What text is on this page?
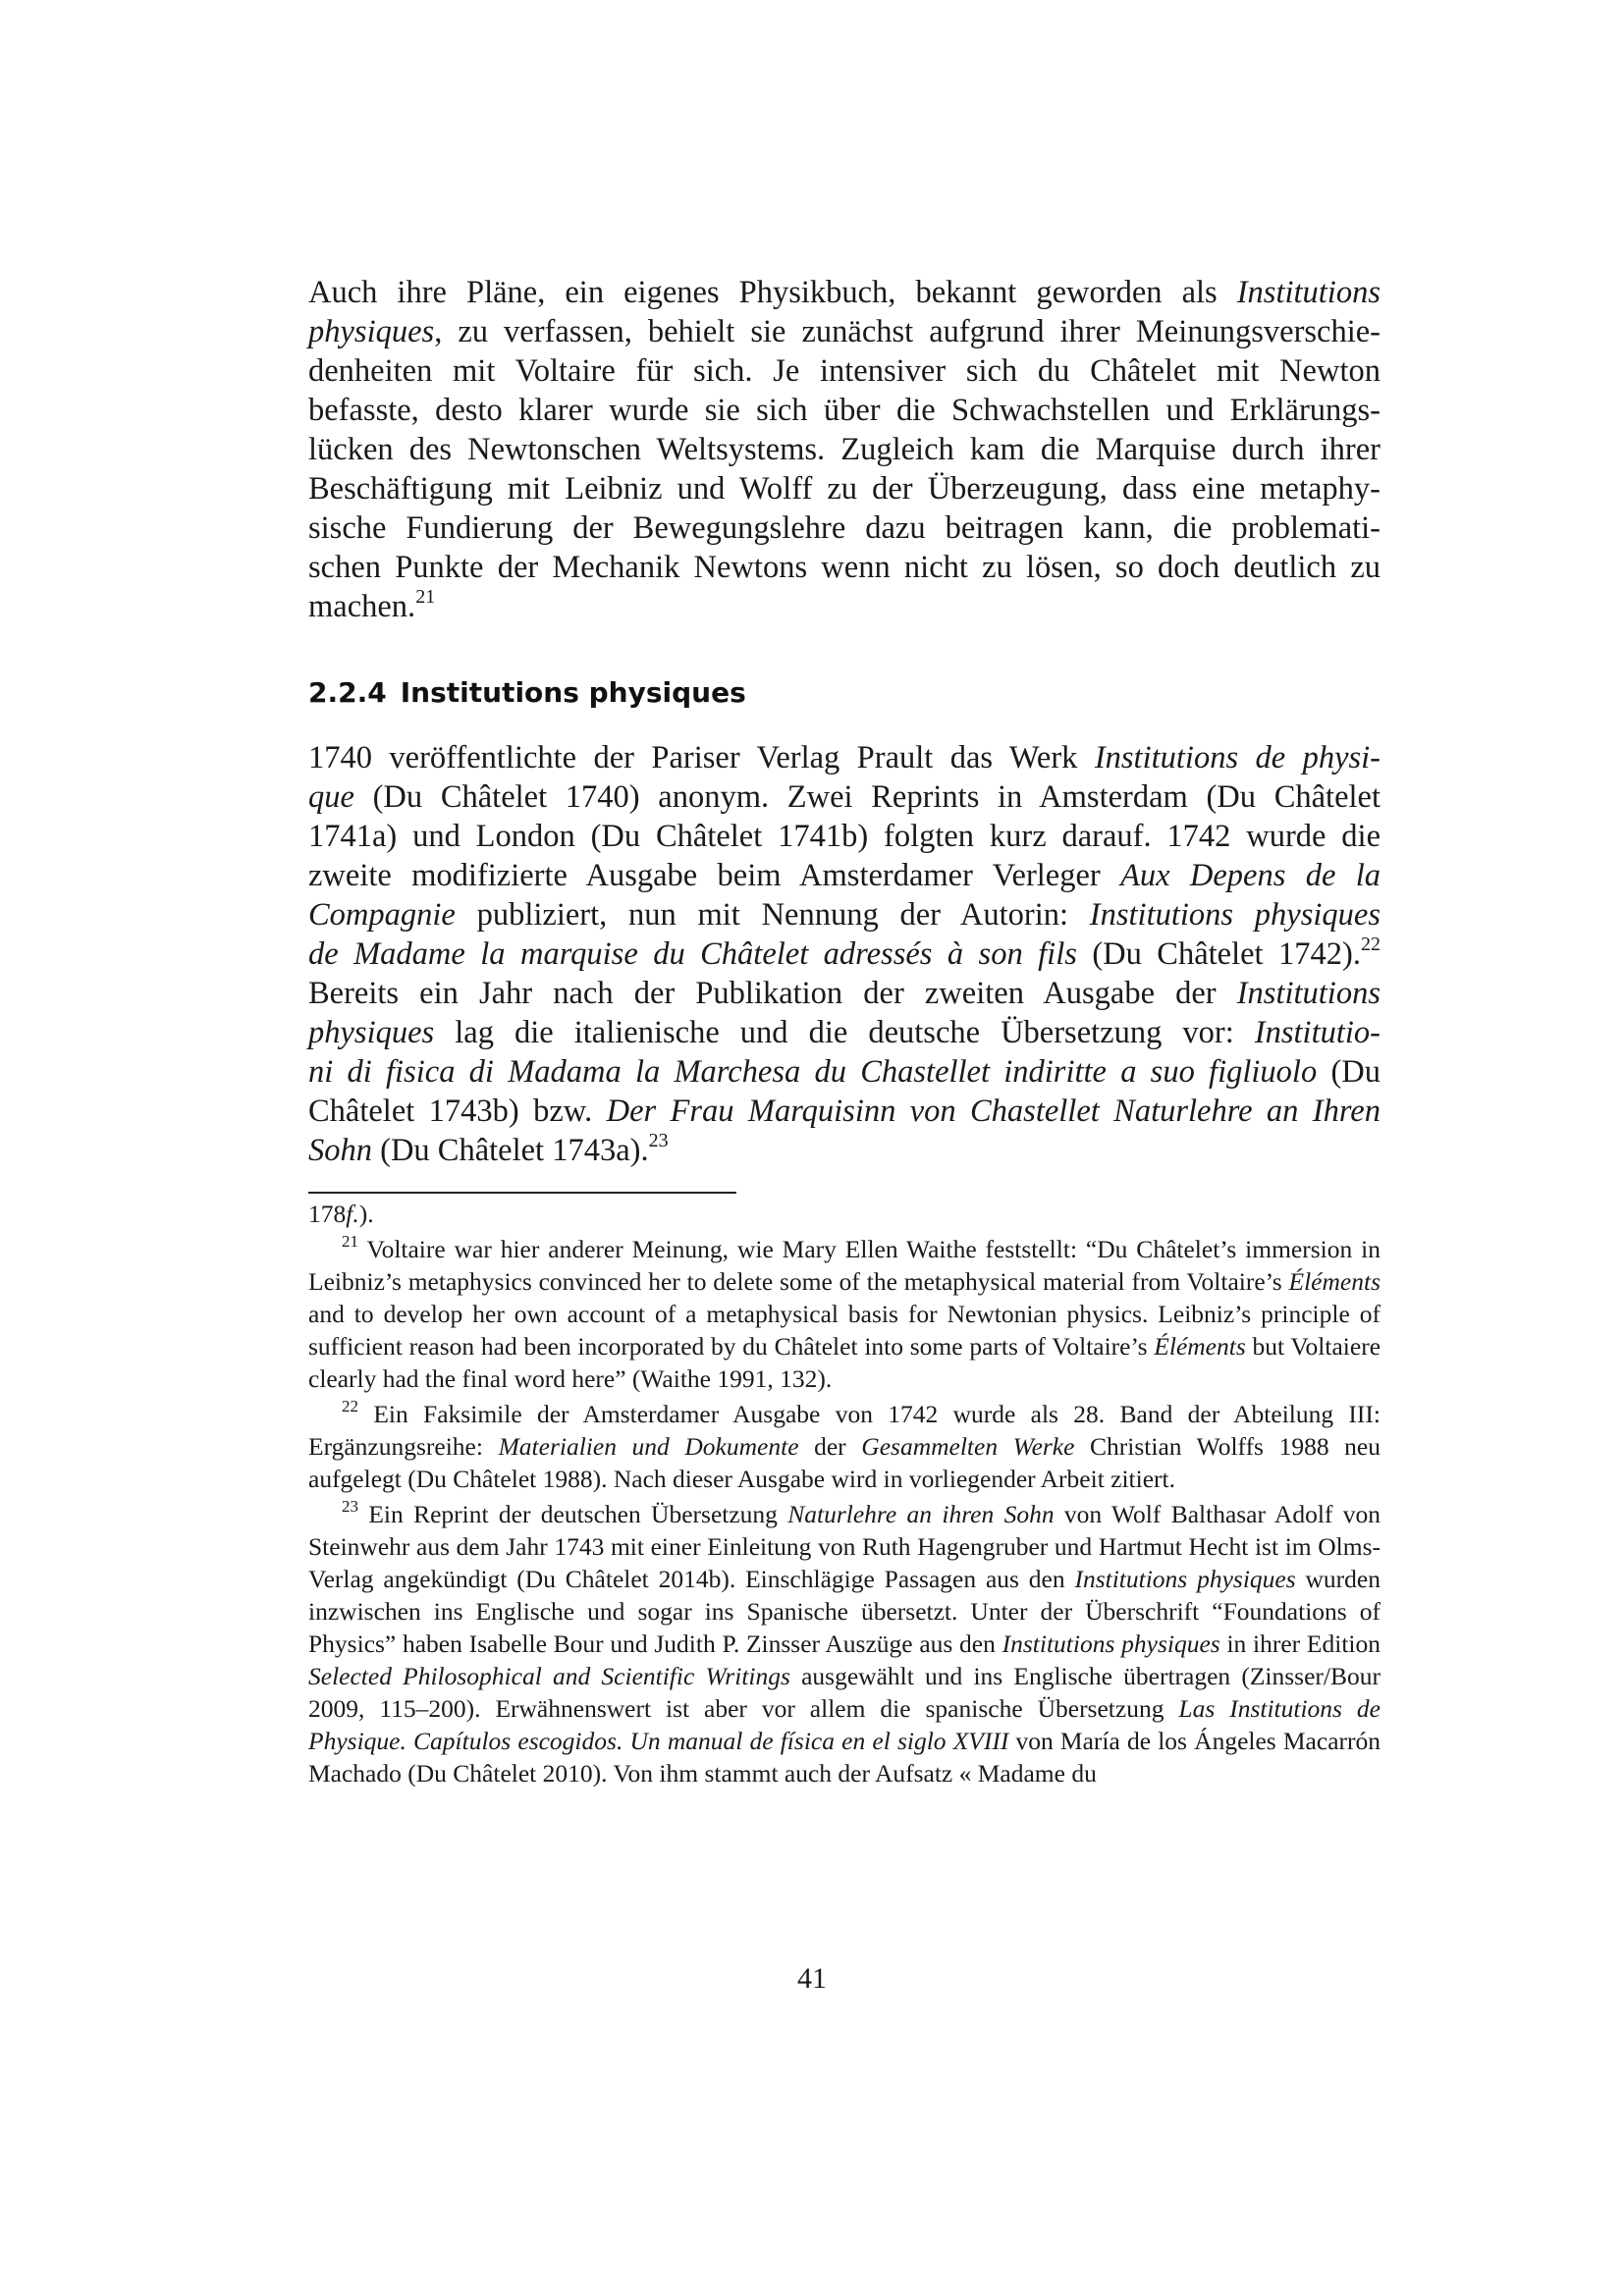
Auch ihre Pläne, ein eigenes Physikbuch, bekannt geworden als Institutions
physiques, zu verfassen, behielt sie zunächst aufgrund ihrer Meinungsverschie-
denheiten mit Voltaire für sich. Je intensiver sich du Châtelet mit Newton
befasste, desto klarer wurde sie sich über die Schwachstellen und Erklärungs-
lücken des Newtonschen Weltsystems. Zugleich kam die Marquise durch ihrer
Beschäftigung mit Leibniz und Wolff zu der Überzeugung, dass eine metaphy-
sische Fundierung der Bewegungslehre dazu beitragen kann, die problemati-
schen Punkte der Mechanik Newtons wenn nicht zu lösen, so doch deutlich zu
machen.$^{21}$
2.2.4 Institutions physiques
1740 veröffentlichte der Pariser Verlag Prault das Werk Institutions de physi-
que (Du Châtelet 1740) anonym. Zwei Reprints in Amsterdam (Du Châtelet
1741a) und London (Du Châtelet 1741b) folgten kurz darauf. 1742 wurde die
zweite modifizierte Ausgabe beim Amsterdamer Verleger Aux Depens de la
Compagnie publiziert, nun mit Nennung der Autorin: Institutions physiques
de Madame la marquise du Châtelet adressés à son fils (Du Châtelet 1742).$^{22}$
Bereits ein Jahr nach der Publikation der zweiten Ausgabe der Institutions
physiques lag die italienische und die deutsche Übersetzung vor: Institutio-
ni di fisica di Madama la Marchesa du Chastellet indiritte a suo figliuolo (Du
Châtelet 1743b) bzw. Der Frau Marquisinn von Chastellet Naturlehre an Ihren
Sohn (Du Châtelet 1743a).$^{23}$

178f.).

$^{21}$ Voltaire war hier anderer Meinung, wie Mary Ellen Waithe feststellt: “Du Châtelet’s immersion in Leibniz’s metaphysics convinced her to delete some of the metaphysical material from Voltaire’s Éléments and to develop her own account of a metaphysical basis for Newtonian physics. Leibniz’s principle of sufficient reason had been incorporated by du Châtelet into some parts of Voltaire’s Éléments but Voltaiere clearly had the final word here” (Waithe 1991, 132).

$^{22}$ Ein Faksimile der Amsterdamer Ausgabe von 1742 wurde als 28. Band der Abteilung III: Ergänzungsreihe: Materialien und Dokumente der Gesammelten Werke Christian Wolffs 1988 neu aufgelegt (Du Châtelet 1988). Nach dieser Ausgabe wird in vorliegender Arbeit zitiert.

$^{23}$ Ein Reprint der deutschen Übersetzung Naturlehre an ihren Sohn von Wolf Balthasar Adolf von Steinwehr aus dem Jahr 1743 mit einer Einleitung von Ruth Hagengruber und Hartmut Hecht ist im Olms-Verlag angekündigt (Du Châtelet 2014b). Einschlägige Passagen aus den Institutions physiques wurden inzwischen ins Englische und sogar ins Spanische übersetzt. Unter der Überschrift “Foundations of Physics” haben Isabelle Bour und Judith P. Zinsser Auszüge aus den Institutions physiques in ihrer Edition Selected Philosophical and Scientific Writings ausgewählt und ins Englische übertragen (Zinsser/Bour 2009, 115–200). Erwähnenswert ist aber vor allem die spanische Übersetzung Las Institutions de Physique. Capítulos escogidos. Un manual de física en el siglo XVIII von María de los Ángeles Macarrón Machado (Du Châtelet 2010). Von ihm stammt auch der Aufsatz « Madame du

41
